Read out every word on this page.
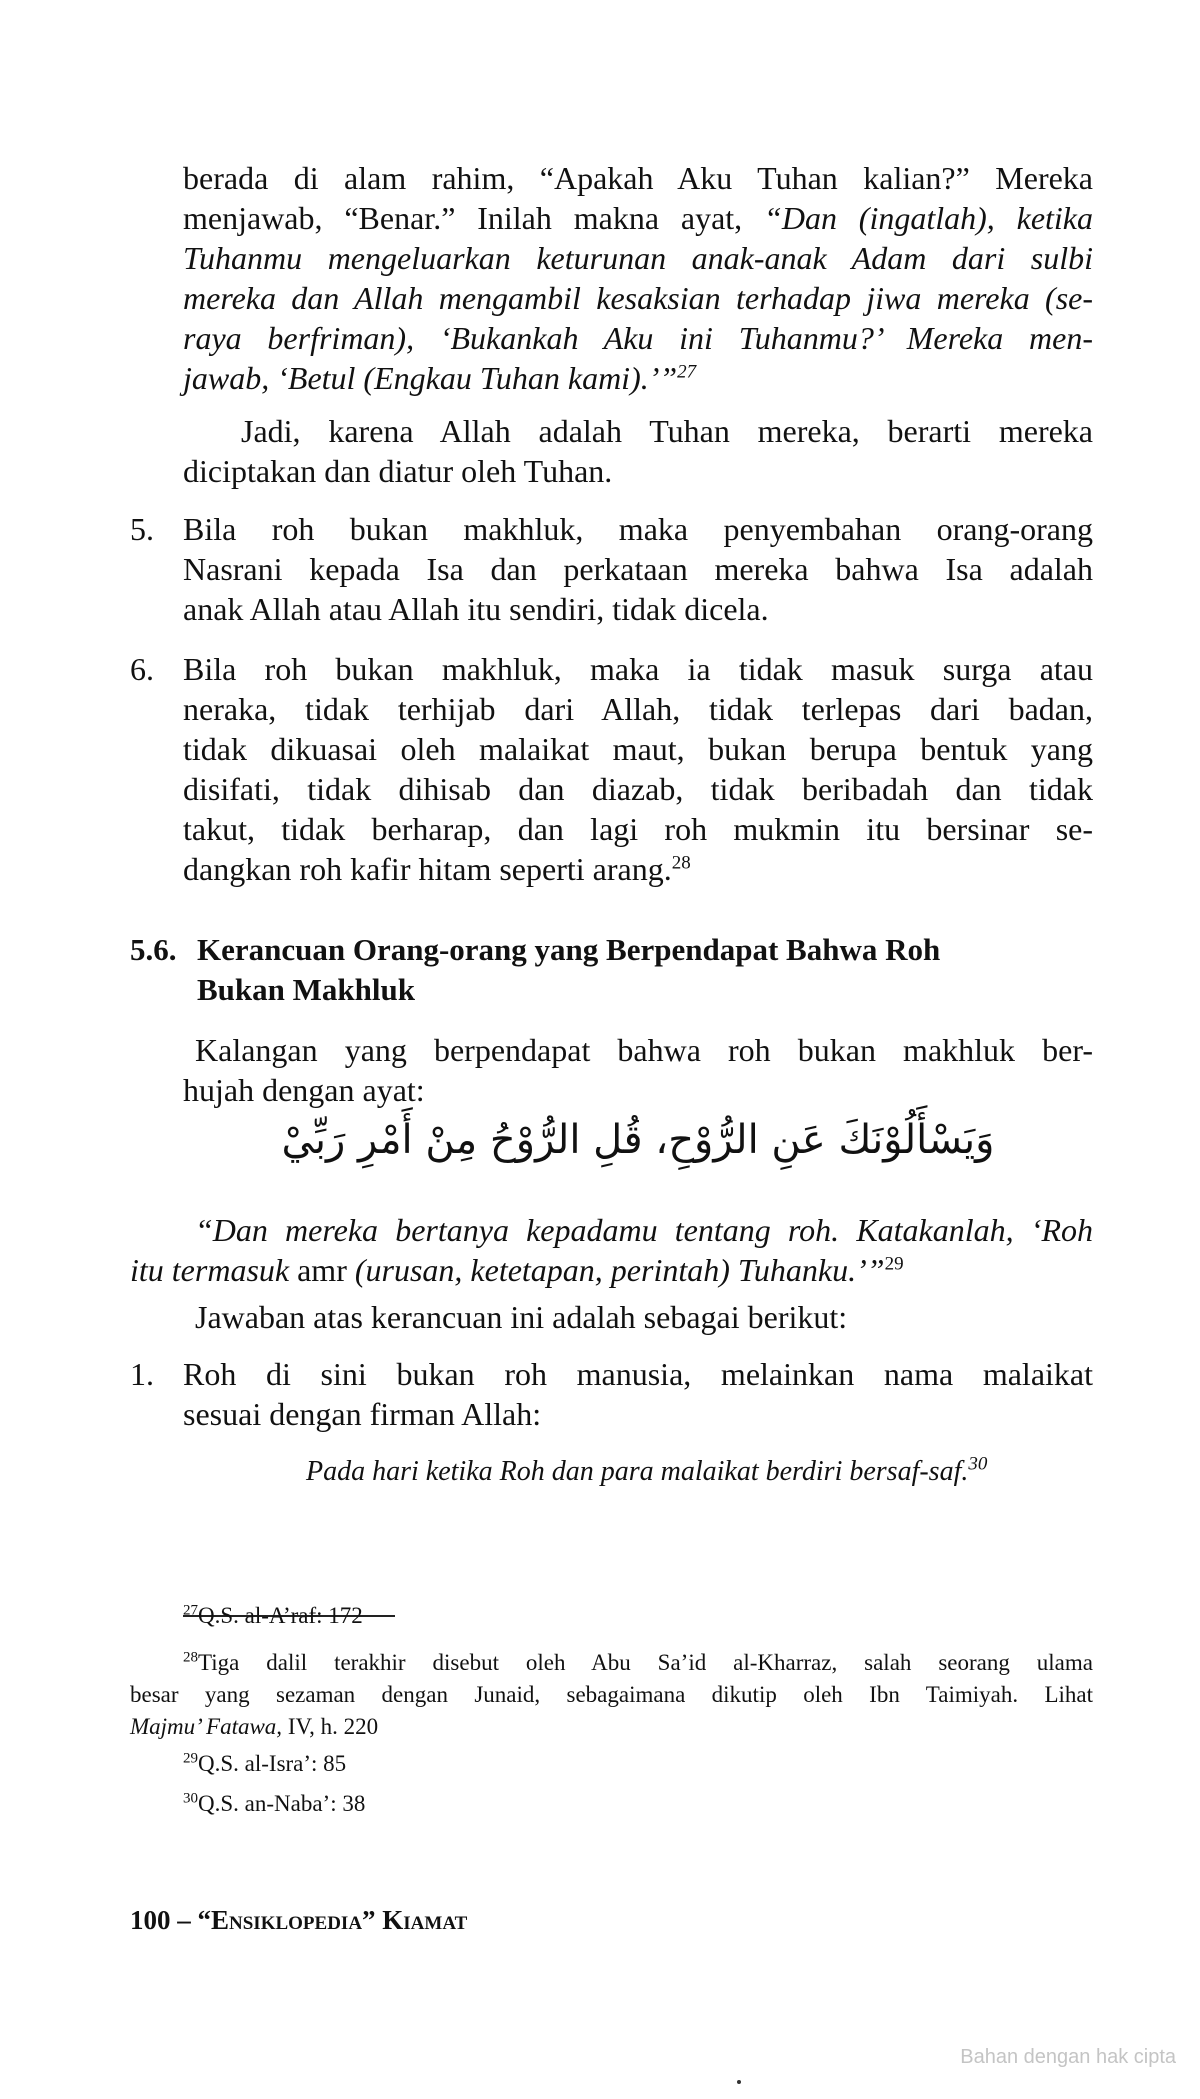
berada di alam rahim, “Apakah Aku Tuhan kalian?” Mereka
menjawab, “Benar.” Inilah makna ayat, “Dan (ingatlah), ketika
Tuhanmu mengeluarkan keturunan anak-anak Adam dari sulbi
mereka dan Allah mengambil kesaksian terhadap jiwa mereka (se-
raya berfriman), ‘Bukankah Aku ini Tuhanmu?’ Mereka men-
jawab, ‘Betul (Engkau Tuhan kami).’”$^{27}$
Jadi, karena Allah adalah Tuhan mereka, berarti mereka
diciptakan dan diatur oleh Tuhan.
5. Bila roh bukan makhluk, maka penyembahan orang-orang
Nasrani kepada Isa dan perkataan mereka bahwa Isa adalah
anak Allah atau Allah itu sendiri, tidak dicela.
6. Bila roh bukan makhluk, maka ia tidak masuk surga atau
neraka, tidak terhijab dari Allah, tidak terlepas dari badan,
tidak dikuasai oleh malaikat maut, bukan berupa bentuk yang
disifati, tidak dihisab dan diazab, tidak beribadah dan tidak
takut, tidak berharap, dan lagi roh mukmin itu bersinar se-
dangkan roh kafir hitam seperti arang.$^{28}$
5.6. Kerancuan Orang-orang yang Berpendapat Bahwa Roh
Bukan Makhluk
Kalangan yang berpendapat bahwa roh bukan makhluk ber-
hujah dengan ayat:
وَيَسْأَلُوْنَكَ عَنِ الرُّوْحِ، قُلِ الرُّوْحُ مِنْ أَمْرِ رَبِّيْ
“Dan mereka bertanya kepadamu tentang roh. Katakanlah, ‘Roh
itu termasuk amr (urusan, ketetapan, perintah) Tuhanku.’”$^{29}$
Jawaban atas kerancuan ini adalah sebagai berikut:
1. Roh di sini bukan roh manusia, melainkan nama malaikat
sesuai dengan firman Allah:
Pada hari ketika Roh dan para malaikat berdiri bersaf-saf.$^{30}$
$^{27}$Q.S. al-A’raf: 172
$^{28}$Tiga dalil terakhir disebut oleh Abu Sa’id al-Kharraz, salah seorang ulama
besar yang sezaman dengan Junaid, sebagaimana dikutip oleh Ibn Taimiyah. Lihat
Majmu’ Fatawa, IV, h. 220
$^{29}$Q.S. al-Isra’: 85
$^{30}$Q.S. an-Naba’: 38
100 – “Ensiklopedia” Kiamat
Bahan dengan hak cipta
